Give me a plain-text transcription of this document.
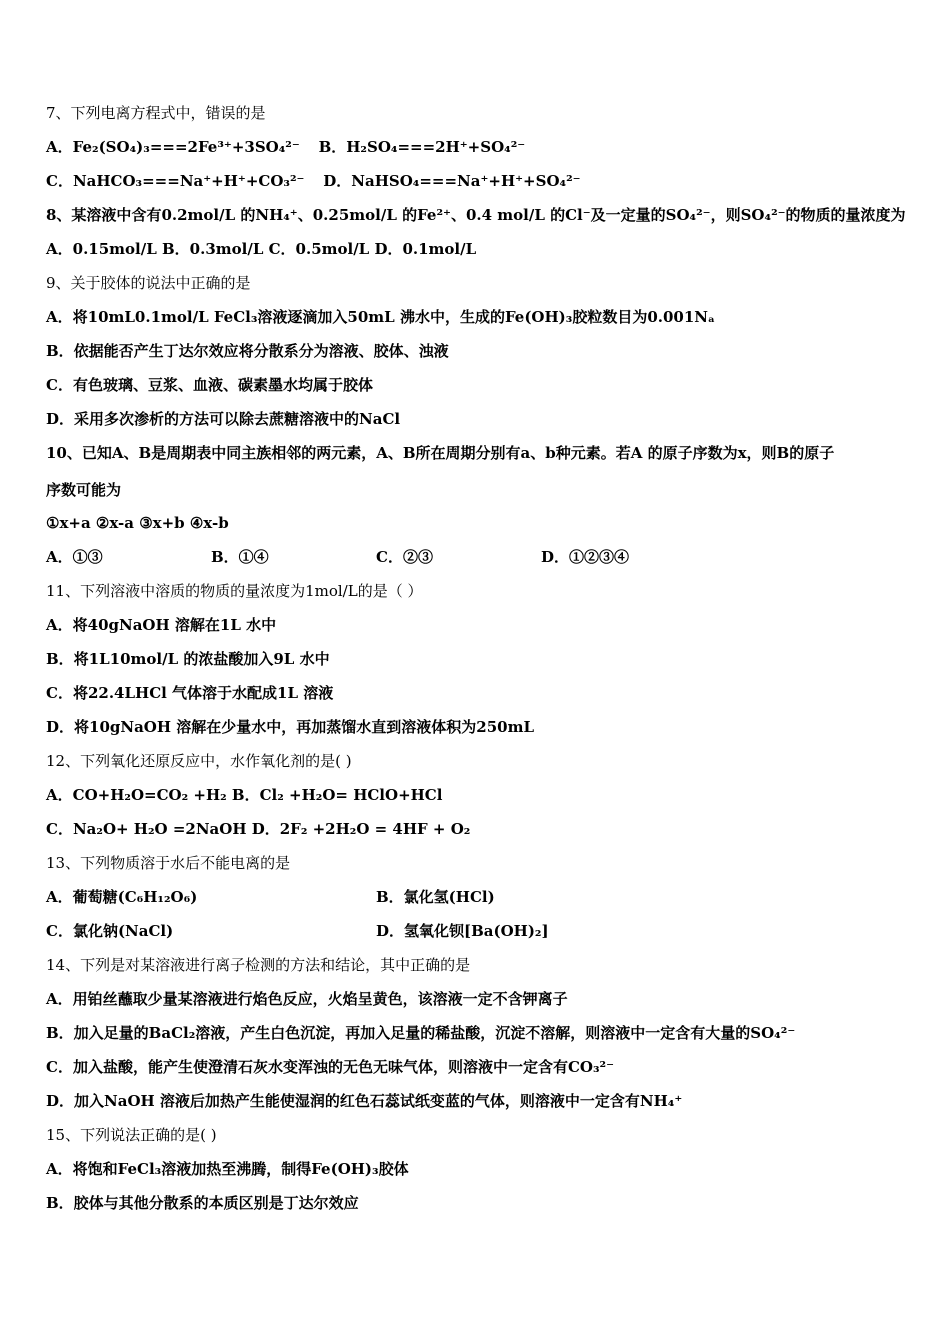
7、下列电离方程式中，错误的是
A．Fe₂(SO₄)₃===2Fe³⁺+3SO₄²⁻ B．H₂SO₄===2H⁺+SO₄²⁻
C．NaHCO₃===Na⁺+H⁺+CO₃²⁻ D．NaHSO₄===Na⁺+H⁺+SO₄²⁻
8、某溶液中含有0.2mol/L 的NH₄⁺、0.25mol/L 的Fe²⁺、0.4 mol/L 的Cl⁻及一定量的SO₄²⁻，则SO₄²⁻的物质的量浓度为
A．0.15mol/L B．0.3mol/L C．0.5mol/L D．0.1mol/L
9、关于胶体的说法中正确的是
A．将10mL0.1mol/L FeCl₃溶液逐滴加入50mL 沸水中，生成的Fe(OH)₃胶粒数目为0.001Nₐ
B．依据能否产生丁达尔效应将分散系分为溶液、胶体、浊液
C．有色玻璃、豆浆、血液、碳素墨水均属于胶体
D．采用多次渗析的方法可以除去蔗糖溶液中的NaCl
10、已知A、B是周期表中同主族相邻的两元素，A、B所在周期分别有a、b种元素。若A 的原子序数为x，则B的原子
序数可能为
①x+a ②x-a ③x+b ④x-b
A．①③	B．①④	C．②③	D．①②③④
11、下列溶液中溶质的物质的量浓度为1mol/L的是（ ）
A．将40gNaOH 溶解在1L 水中
B．将1L10mol/L 的浓盐酸加入9L 水中
C．将22.4LHCl 气体溶于水配成1L 溶液
D．将10gNaOH 溶解在少量水中，再加蒸馏水直到溶液体积为250mL
12、下列氧化还原反应中，水作氧化剂的是( )
A．CO+H₂O=CO₂ +H₂ B．Cl₂ +H₂O= HClO+HCl
C．Na₂O+ H₂O =2NaOH D．2F₂ +2H₂O = 4HF + O₂
13、下列物质溶于水后不能电离的是
A．葡萄糖(C₆H₁₂O₆)	B．氯化氢(HCl)
C．氯化钠(NaCl)	D．氢氧化钡[Ba(OH)₂]
14、下列是对某溶液进行离子检测的方法和结论，其中正确的是
A．用铂丝蘸取少量某溶液进行焰色反应，火焰呈黄色，该溶液一定不含钾离子
B．加入足量的BaCl₂溶液，产生白色沉淀，再加入足量的稀盐酸，沉淀不溶解，则溶液中一定含有大量的SO₄²⁻
C．加入盐酸，能产生使澄清石灰水变浑浊的无色无味气体，则溶液中一定含有CO₃²⁻
D．加入NaOH 溶液后加热产生能使湿润的红色石蕊试纸变蓝的气体，则溶液中一定含有NH₄⁺
15、下列说法正确的是( )
A．将饱和FeCl₃溶液加热至沸腾，制得Fe(OH)₃胶体
B．胶体与其他分散系的本质区别是丁达尔效应
